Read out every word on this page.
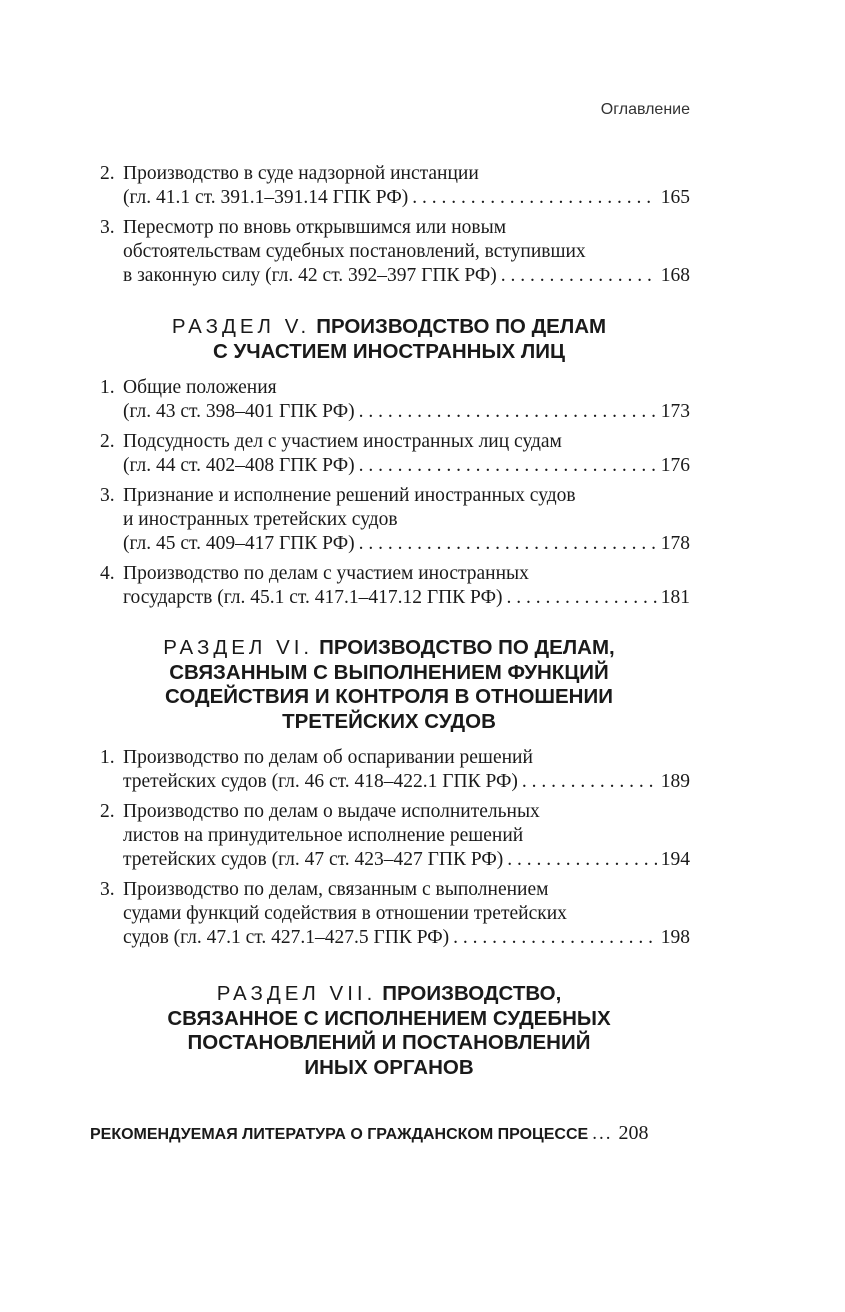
Оглавление
2. Производство в суде надзорной инстанции
(гл. 41.1 ст. 391.1–391.14 ГПК РФ) . . .	165
3. Пересмотр по вновь открывшимся или новым
обстоятельствам судебных постановлений, вступивших
в законную силу (гл. 42 ст. 392–397 ГПК РФ) . . .	168
РАЗДЕЛ V. ПРОИЗВОДСТВО ПО ДЕЛАМ
С УЧАСТИЕМ ИНОСТРАННЫХ ЛИЦ
1. Общие положения
(гл. 43 ст. 398–401 ГПК РФ) . . .	173
2. Подсудность дел с участием иностранных лиц судам
(гл. 44 ст. 402–408 ГПК РФ) . . .	176
3. Признание и исполнение решений иностранных судов
и иностранных третейских судов
(гл. 45 ст. 409–417 ГПК РФ) . . .	178
4. Производство по делам с участием иностранных
государств (гл. 45.1 ст. 417.1–417.12 ГПК РФ) . . .	181
РАЗДЕЛ VI. ПРОИЗВОДСТВО ПО ДЕЛАМ,
СВЯЗАННЫМ С ВЫПОЛНЕНИЕМ ФУНКЦИЙ
СОДЕЙСТВИЯ И КОНТРОЛЯ В ОТНОШЕНИИ
ТРЕТЕЙСКИХ СУДОВ
1. Производство по делам об оспаривании решений
третейских судов (гл. 46 ст. 418–422.1 ГПК РФ) . . .	189
2. Производство по делам о выдаче исполнительных
листов на принудительное исполнение решений
третейских судов (гл. 47 ст. 423–427 ГПК РФ) . . .	194
3. Производство по делам, связанным с выполнением
судами функций содействия в отношении третейских
судов (гл. 47.1 ст. 427.1–427.5 ГПК РФ) . . .	198
РАЗДЕЛ VII. ПРОИЗВОДСТВО,
СВЯЗАННОЕ С ИСПОЛНЕНИЕМ СУДЕБНЫХ
ПОСТАНОВЛЕНИЙ И ПОСТАНОВЛЕНИЙ
ИНЫХ ОРГАНОВ
РЕКОМЕНДУЕМАЯ ЛИТЕРАТУРА О ГРАЖДАНСКОМ ПРОЦЕССЕ ... 208
